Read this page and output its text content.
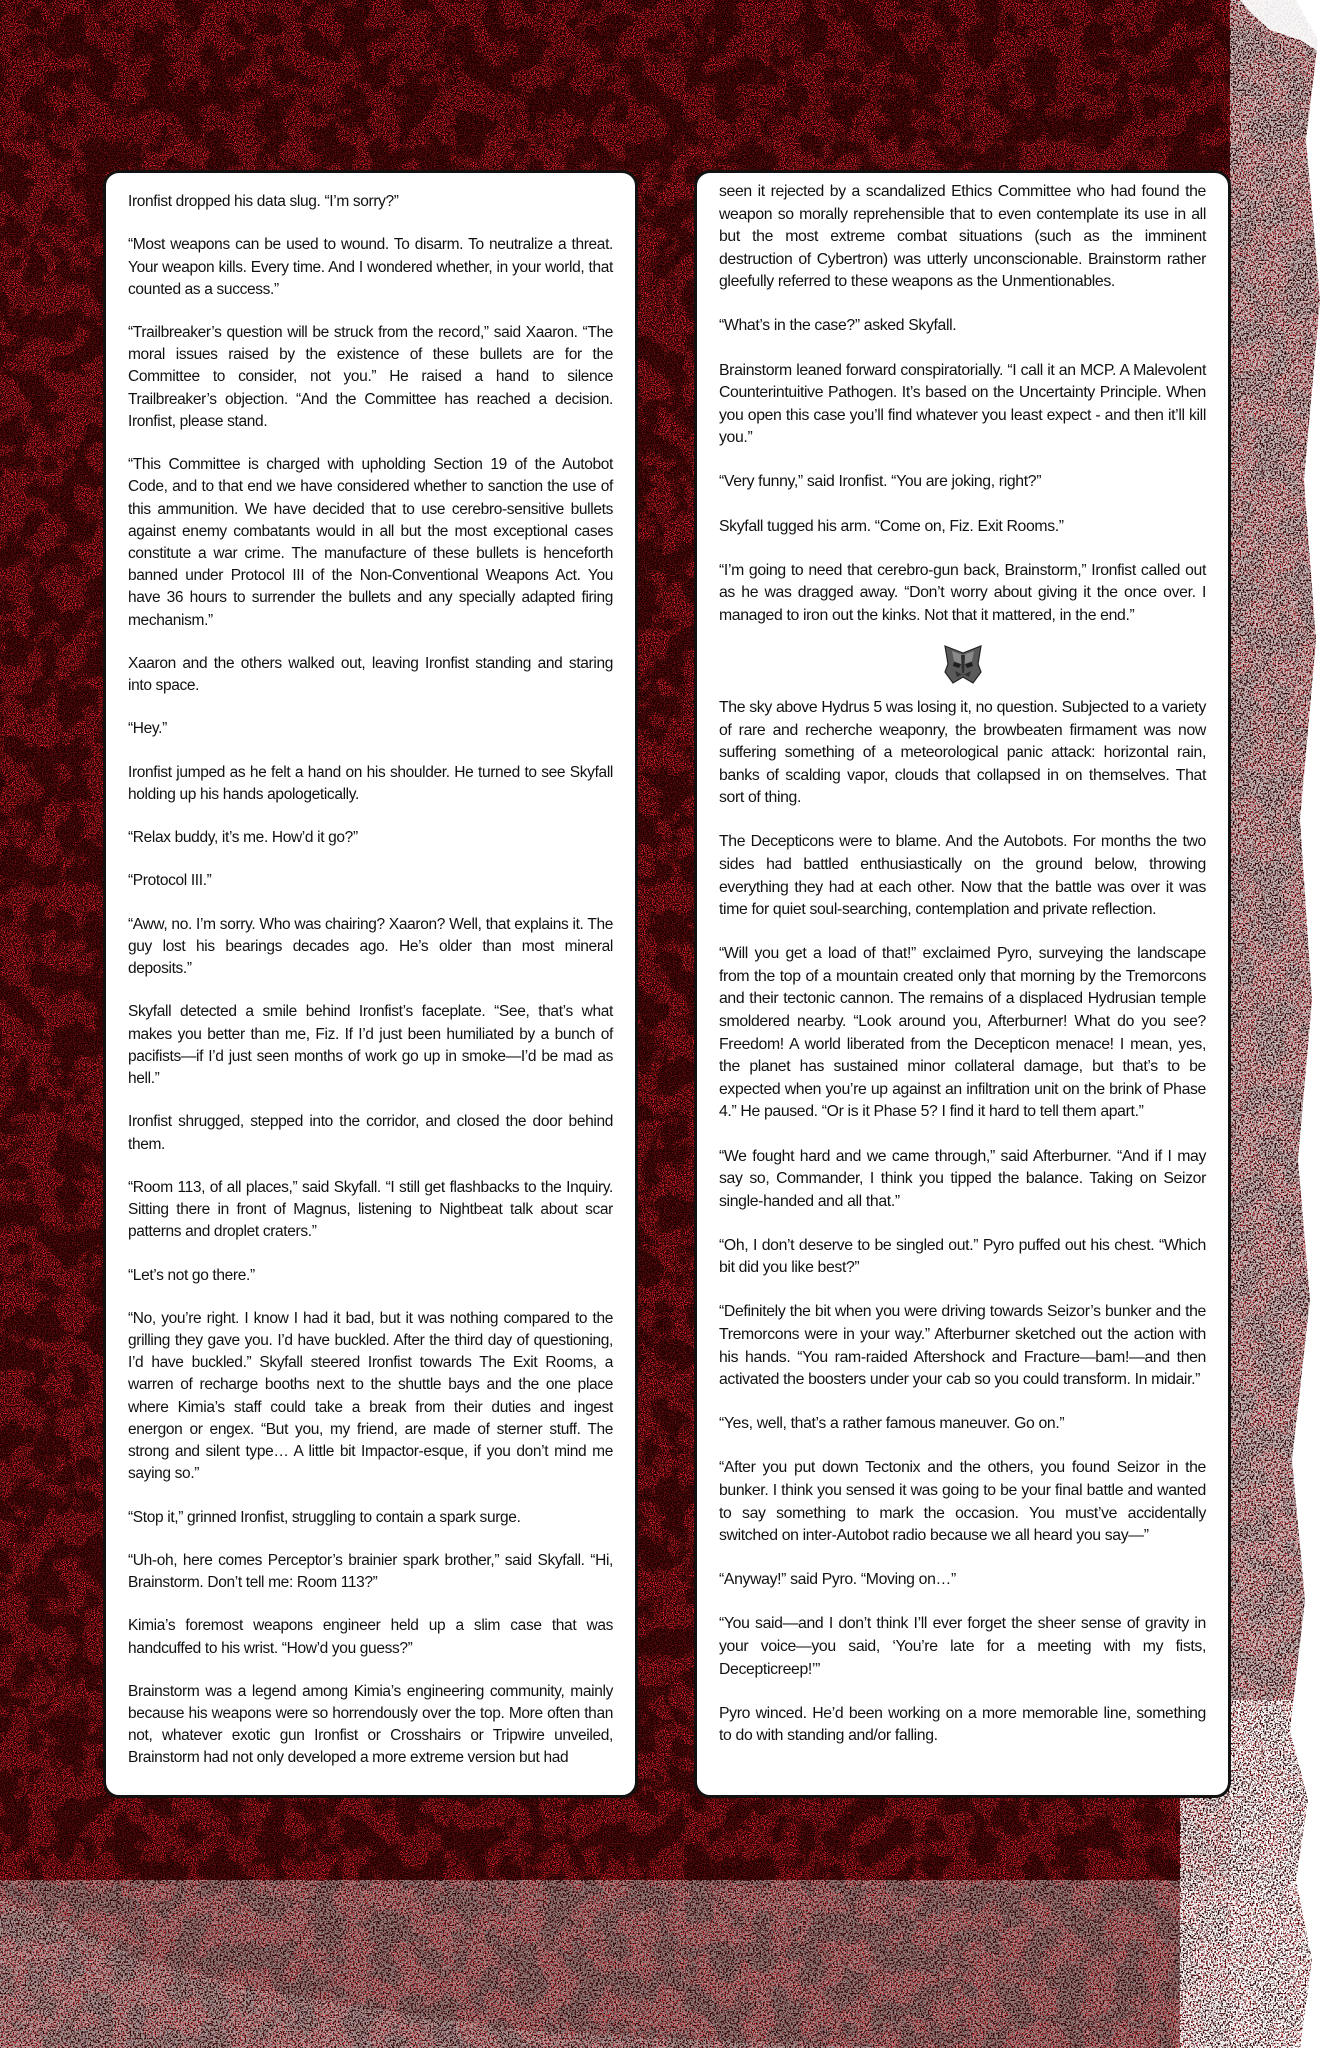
Ironfist dropped his data slug. “I’m sorry?”

“Most weapons can be used to wound. To disarm. To neutralize a threat. Your weapon kills. Every time. And I wondered whether, in your world, that counted as a success.”

“Trailbreaker’s question will be struck from the record,” said Xaaron. “The moral issues raised by the existence of these bullets are for the Committee to consider, not you.” He raised a hand to silence Trailbreaker’s objection. “And the Committee has reached a decision. Ironfist, please stand.

“This Committee is charged with upholding Section 19 of the Autobot Code, and to that end we have considered whether to sanction the use of this ammunition. We have decided that to use cerebro-sensitive bullets against enemy combatants would in all but the most exceptional cases constitute a war crime. The manufacture of these bullets is henceforth banned under Protocol III of the Non-Conventional Weapons Act. You have 36 hours to surrender the bullets and any specially adapted firing mechanism.”

Xaaron and the others walked out, leaving Ironfist standing and staring into space.

“Hey.”

Ironfist jumped as he felt a hand on his shoulder. He turned to see Skyfall holding up his hands apologetically.

“Relax buddy, it’s me. How’d it go?”

“Protocol III.”

“Aww, no. I’m sorry. Who was chairing? Xaaron? Well, that explains it. The guy lost his bearings decades ago. He’s older than most mineral deposits.”

Skyfall detected a smile behind Ironfist’s faceplate. “See, that’s what makes you better than me, Fiz. If I’d just been humiliated by a bunch of pacifists—if I’d just seen months of work go up in smoke—I’d be mad as hell.”

Ironfist shrugged, stepped into the corridor, and closed the door behind them.

“Room 113, of all places,” said Skyfall. “I still get flashbacks to the Inquiry. Sitting there in front of Magnus, listening to Nightbeat talk about scar patterns and droplet craters.”

“Let’s not go there.”

“No, you’re right. I know I had it bad, but it was nothing compared to the grilling they gave you. I’d have buckled. After the third day of questioning, I’d have buckled.” Skyfall steered Ironfist towards The Exit Rooms, a warren of recharge booths next to the shuttle bays and the one place where Kimia’s staff could take a break from their duties and ingest energon or engex. “But you, my friend, are made of sterner stuff. The strong and silent type… A little bit Impactor-esque, if you don’t mind me saying so.”

“Stop it,” grinned Ironfist, struggling to contain a spark surge.

“Uh-oh, here comes Perceptor’s brainier spark brother,” said Skyfall. “Hi, Brainstorm. Don’t tell me: Room 113?”

Kimia’s foremost weapons engineer held up a slim case that was handcuffed to his wrist. “How’d you guess?”

Brainstorm was a legend among Kimia’s engineering community, mainly because his weapons were so horrendously over the top. More often than not, whatever exotic gun Ironfist or Crosshairs or Tripwire unveiled, Brainstorm had not only developed a more extreme version but had

seen it rejected by a scandalized Ethics Committee who had found the weapon so morally reprehensible that to even contemplate its use in all but the most extreme combat situations (such as the imminent destruction of Cybertron) was utterly unconscionable. Brainstorm rather gleefully referred to these weapons as the Unmentionables.

“What’s in the case?” asked Skyfall.

Brainstorm leaned forward conspiratorially. “I call it an MCP. A Malevolent Counterintuitive Pathogen. It’s based on the Uncertainty Principle. When you open this case you’ll find whatever you least expect - and then it’ll kill you.”

“Very funny,” said Ironfist. “You are joking, right?”

Skyfall tugged his arm. “Come on, Fiz. Exit Rooms.”

“I’m going to need that cerebro-gun back, Brainstorm,” Ironfist called out as he was dragged away. “Don’t worry about giving it the once over. I managed to iron out the kinks. Not that it mattered, in the end.”

The sky above Hydrus 5 was losing it, no question. Subjected to a variety of rare and recherche weaponry, the browbeaten firmament was now suffering something of a meteorological panic attack: horizontal rain, banks of scalding vapor, clouds that collapsed in on themselves. That sort of thing.

The Decepticons were to blame. And the Autobots. For months the two sides had battled enthusiastically on the ground below, throwing everything they had at each other. Now that the battle was over it was time for quiet soul-searching, contemplation and private reflection.

“Will you get a load of that!” exclaimed Pyro, surveying the landscape from the top of a mountain created only that morning by the Tremorcons and their tectonic cannon. The remains of a displaced Hydrusian temple smoldered nearby. “Look around you, Afterburner! What do you see? Freedom! A world liberated from the Decepticon menace! I mean, yes, the planet has sustained minor collateral damage, but that’s to be expected when you’re up against an infiltration unit on the brink of Phase 4.” He paused. “Or is it Phase 5? I find it hard to tell them apart.”

“We fought hard and we came through,” said Afterburner. “And if I may say so, Commander, I think you tipped the balance. Taking on Seizor single-handed and all that.”

“Oh, I don’t deserve to be singled out.” Pyro puffed out his chest. “Which bit did you like best?”

“Definitely the bit when you were driving towards Seizor’s bunker and the Tremorcons were in your way.” Afterburner sketched out the action with his hands. “You ram-raided Aftershock and Fracture—bam!—and then activated the boosters under your cab so you could transform. In midair.”

“Yes, well, that’s a rather famous maneuver. Go on.”

“After you put down Tectonix and the others, you found Seizor in the bunker. I think you sensed it was going to be your final battle and wanted to say something to mark the occasion. You must’ve accidentally switched on inter-Autobot radio because we all heard you say—”

“Anyway!” said Pyro. “Moving on…”

“You said—and I don’t think I’ll ever forget the sheer sense of gravity in your voice—you said, ‘You’re late for a meeting with my fists, Decepticreep!’”

Pyro winced. He’d been working on a more memorable line, something to do with standing and/or falling.
